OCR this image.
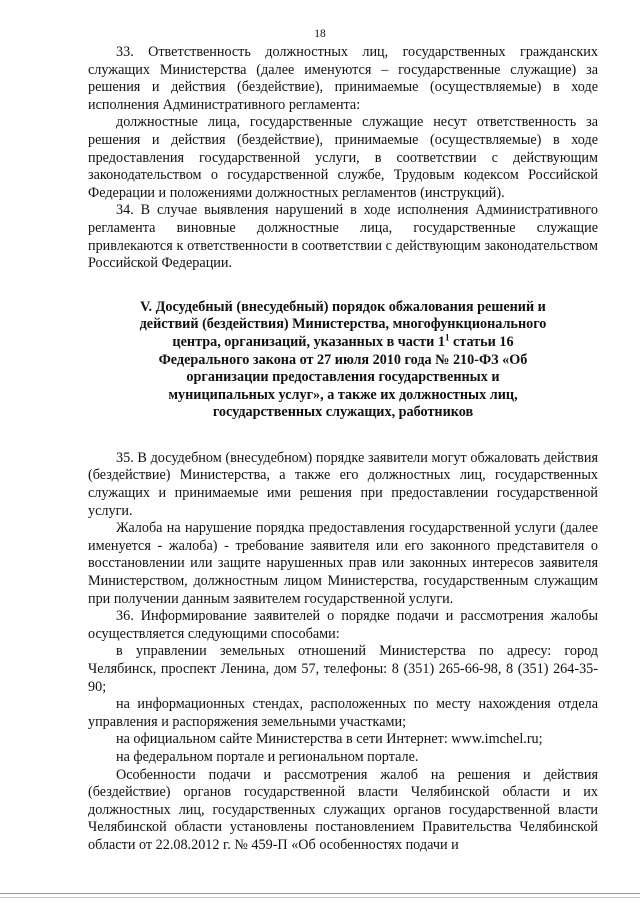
18

33. Ответственность должностных лиц, государственных гражданских служащих Министерства (далее именуются – государственные служащие) за решения и действия (бездействие), принимаемые (осуществляемые) в ходе исполнения Административного регламента:

должностные лица, государственные служащие несут ответственность за решения и действия (бездействие), принимаемые (осуществляемые) в ходе предоставления государственной услуги, в соответствии с действующим законодательством о государственной службе, Трудовым кодексом Российской Федерации и положениями должностных регламентов (инструкций).

34. В случае выявления нарушений в ходе исполнения Административного регламента виновные должностные лица, государственные служащие привлекаются к ответственности в соответствии с действующим законодательством Российской Федерации.

V. Досудебный (внесудебный) порядок обжалования решений и действий (бездействия) Министерства, многофункционального центра, организаций, указанных в части $1^1$ статьи 16 Федерального закона от 27 июля 2010 года № 210-ФЗ «Об организации предоставления государственных и муниципальных услуг», а также их должностных лиц, государственных служащих, работников

35. В досудебном (внесудебном) порядке заявители могут обжаловать действия (бездействие) Министерства, а также его должностных лиц, государственных служащих и принимаемые ими решения при предоставлении государственной услуги.

Жалоба на нарушение порядка предоставления государственной услуги (далее именуется - жалоба) - требование заявителя или его законного представителя о восстановлении или защите нарушенных прав или законных интересов заявителя Министерством, должностным лицом Министерства, государственным служащим при получении данным заявителем государственной услуги.

36. Информирование заявителей о порядке подачи и рассмотрения жалобы осуществляется следующими способами:

в управлении земельных отношений Министерства по адресу: город Челябинск, проспект Ленина, дом 57, телефоны: 8 (351) 265-66-98, 8 (351) 264-35-90;

на информационных стендах, расположенных по месту нахождения отдела управления и распоряжения земельными участками;

на официальном сайте Министерства в сети Интернет: www.imchel.ru;

на федеральном портале и региональном портале.

Особенности подачи и рассмотрения жалоб на решения и действия (бездействие) органов государственной власти Челябинской области и их должностных лиц, государственных служащих органов государственной власти Челябинской области установлены постановлением Правительства Челябинской области от 22.08.2012 г. № 459-П «Об особенностях подачи и
